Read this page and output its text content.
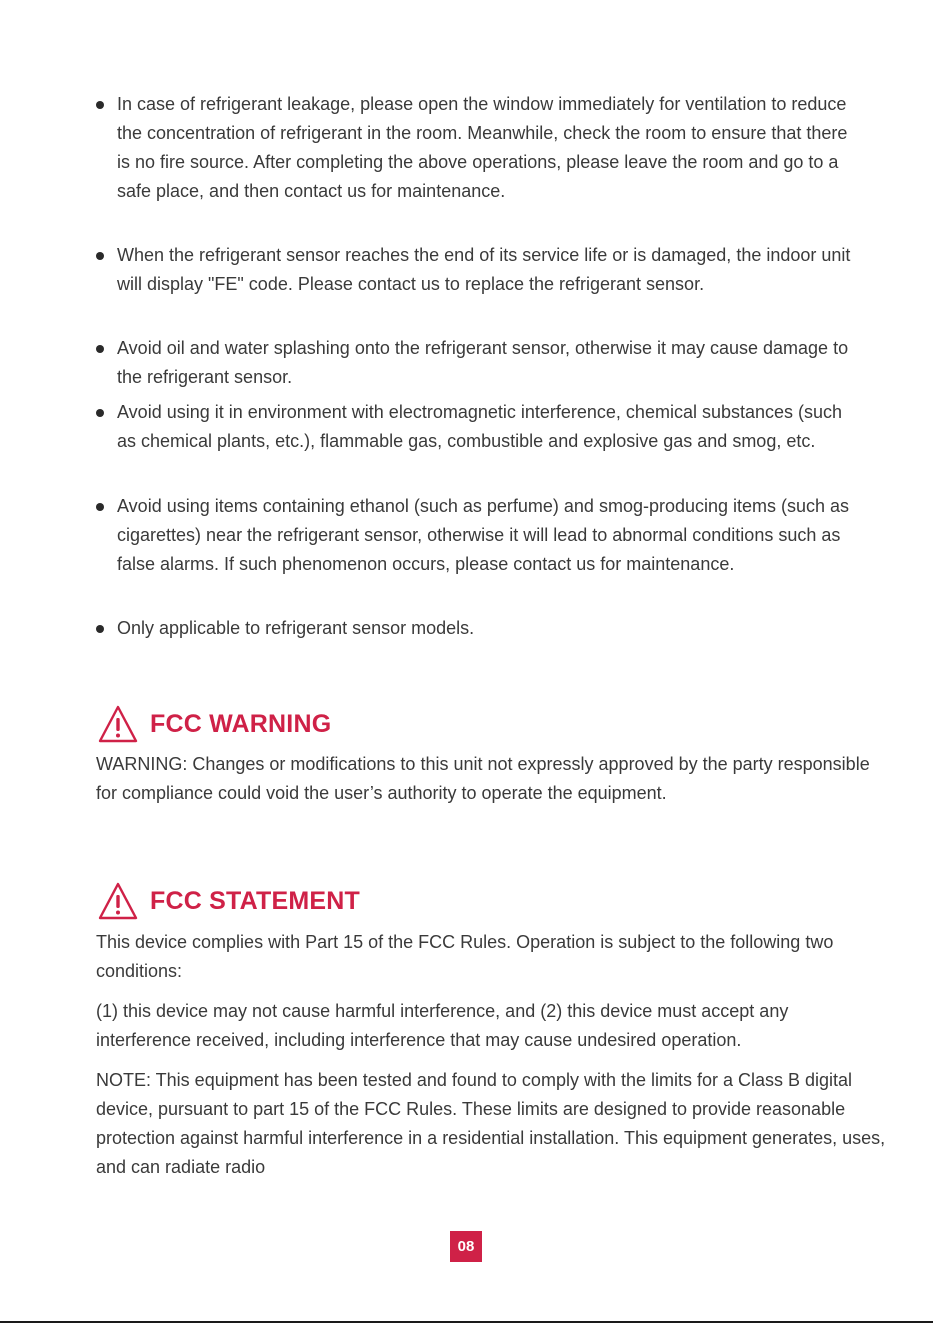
In case of refrigerant leakage, please open the window immediately for ventilation to reduce the concentration of refrigerant in the room. Meanwhile, check the room to ensure that there is no fire source. After completing the above operations, please leave the room and go to a safe place, and then contact us for maintenance.
When the refrigerant sensor reaches the end of its service life or is damaged, the indoor unit will display "FE" code. Please contact us to replace the refrigerant sensor.
Avoid oil and water splashing onto the refrigerant sensor, otherwise it may cause damage to the refrigerant sensor.
Avoid using it in environment with electromagnetic interference, chemical substances (such as chemical plants, etc.), flammable gas, combustible and explosive gas and smog, etc.
Avoid using items containing ethanol (such as perfume) and smog-producing items (such as cigarettes) near the refrigerant sensor, otherwise it will lead to abnormal conditions such as false alarms. If such phenomenon occurs, please contact us for maintenance.
Only applicable to refrigerant sensor models.
FCC WARNING
WARNING: Changes or modifications to this unit not expressly approved by the party responsible for compliance could void the user’s authority to operate the equipment.
FCC STATEMENT
This device complies with Part 15 of the FCC Rules. Operation is subject to the following two conditions:
(1) this device may not cause harmful interference, and (2) this device must accept any interference received, including interference that may cause undesired operation.
NOTE: This equipment has been tested and found to comply with the limits for a Class B digital device, pursuant to part 15 of the FCC Rules. These limits are designed to provide reasonable protection against harmful interference in a residential installation. This equipment generates, uses, and can radiate radio
08
